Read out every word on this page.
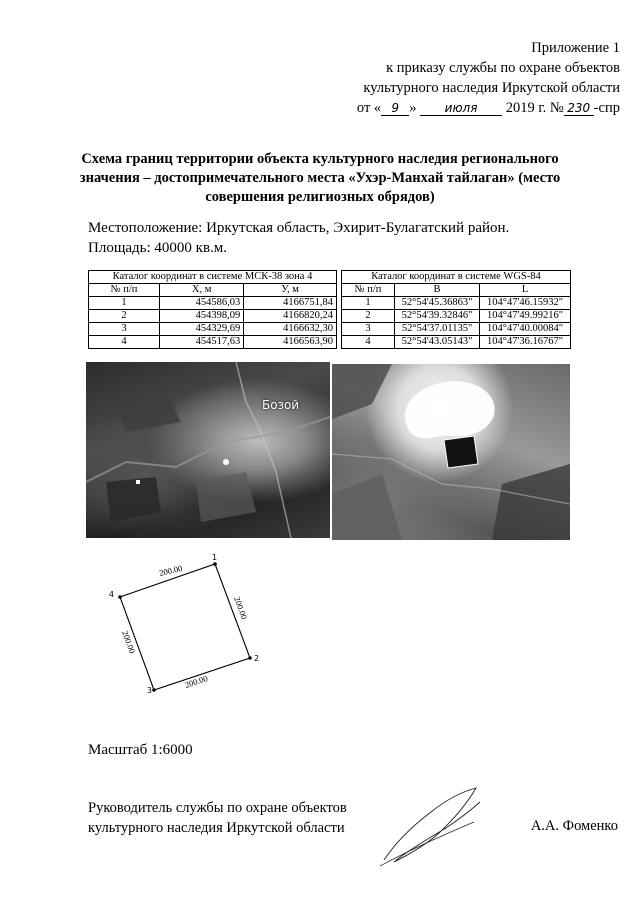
Приложение 1
к приказу службы по охране объектов
культурного наследия Иркутской области
от « 9 » июля 2019 г. № 230 -спр
Схема границ территории объекта культурного наследия регионального значения – достопримечательного места «Ухэр-Манхай тайлаган» (место совершения религиозных обрядов)
Местоположение: Иркутская область, Эхирит-Булагатский район.
Площадь: 40000 кв.м.
Каталог координат в системе МСК-38 зона 4		
№ п/п	X, м	У, м
1	454586,03	4166751,84
2	454398,09	4166820,24
3	454329,69	4166632,30
4	454517,63	4166563,90
Каталог координат в системе WGS-84		
№ п/п	B	L
1	52°54'45.36863"	104°47'46.15932"
2	52°54'39.32846"	104°47'49.99216"
3	52°54'37.01135"	104°47'40.00084"
4	52°54'43.05143"	104°47'36.16767"
Бозой
1
2
3
4
200.00
200.00
200.00
200.00
Масштаб 1:6000
Руководитель службы по охране объектов
культурного наследия Иркутской области	А.А. Фоменко
